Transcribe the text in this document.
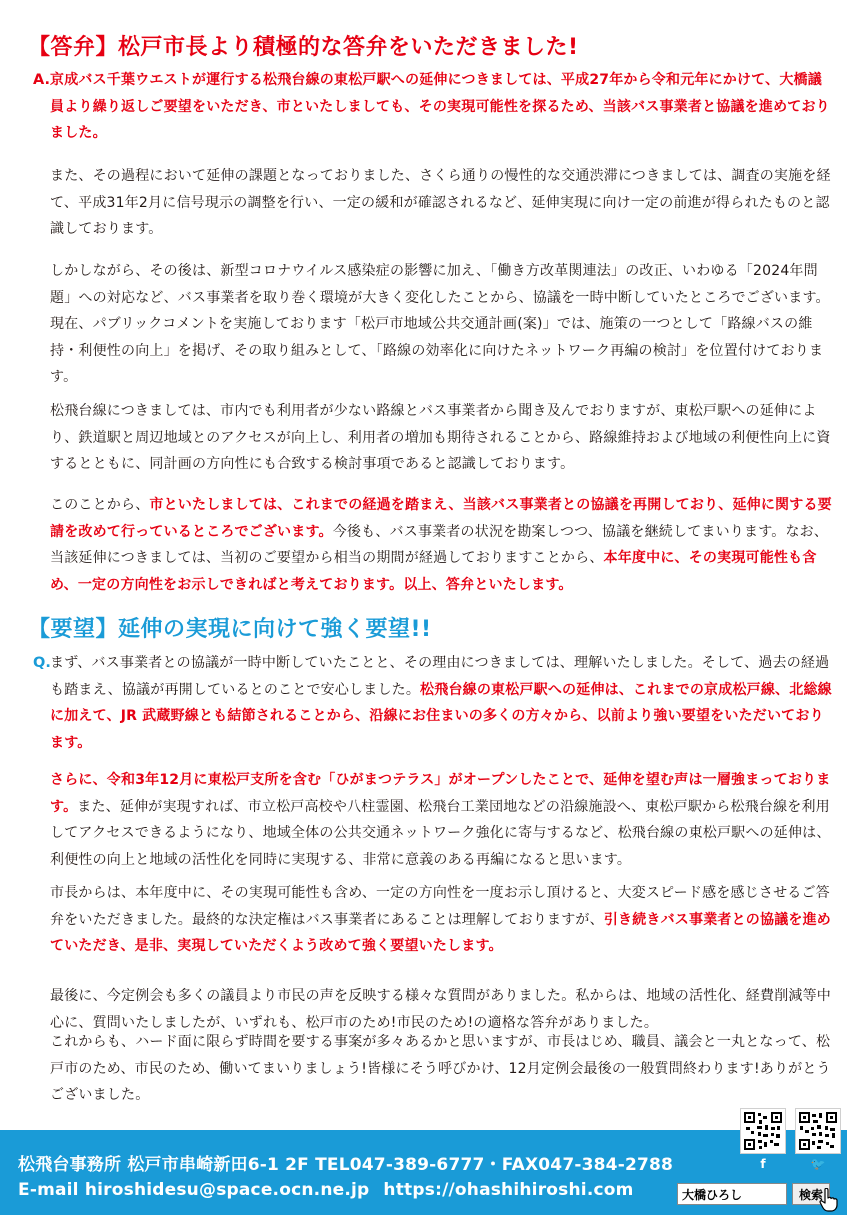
【答弁】松戸市長より積極的な答弁をいただきました!
A. 京成バス千葉ウエストが運行する松飛台線の東松戸駅への延伸につきましては、平成27年から令和元年にかけて、大橋議員より繰り返しご要望をいただき、市といたしましても、その実現可能性を探るため、当該バス事業者と協議を進めておりました。

また、その過程において延伸の課題となっておりました、さくら通りの慢性的な交通渋滞につきましては、調査の実施を経て、平成31年2月に信号現示の調整を行い、一定の緩和が確認されるなど、延伸実現に向け一定の前進が得られたものと認識しております。

しかしながら、その後は、新型コロナウイルス感染症の影響に加え、「働き方改革関連法」の改正、いわゆる「2024年問題」への対応など、バス事業者を取り巻く環境が大きく変化したことから、協議を一時中断していたところでございます。現在、パブリックコメントを実施しております「松戸市地域公共交通計画(案)」では、施策の一つとして「路線バスの維持・利便性の向上」を掲げ、その取り組みとして、「路線の効率化に向けたネットワーク再編の検討」を位置付けております。

松飛台線につきましては、市内でも利用者が少ない路線とバス事業者から聞き及んでおりますが、東松戸駅への延伸により、鉄道駅と周辺地域とのアクセスが向上し、利用者の増加も期待されることから、路線維持および地域の利便性向上に資するとともに、同計画の方向性にも合致する検討事項であると認識しております。

このことから、市といたしましては、これまでの経過を踏まえ、当該バス事業者との協議を再開しており、延伸に関する要請を改めて行っているところでございます。今後も、バス事業者の状況を勘案しつつ、協議を継続してまいります。なお、当該延伸につきましては、当初のご要望から相当の期間が経過しておりますことから、本年度中に、その実現可能性も含め、一定の方向性をお示しできればと考えております。以上、答弁といたします。

【要望】延伸の実現に向けて強く要望!!
Q. まず、バス事業者との協議が一時中断していたことと、その理由につきましては、理解いたしました。そして、過去の経過も踏まえ、協議が再開しているとのことで安心しました。松飛台線の東松戸駅への延伸は、これまでの京成松戸線、北総線に加えて、JR 武蔵野線とも結節されることから、沿線にお住まいの多くの方々から、以前より強い要望をいただいております。

さらに、令和3年12月に東松戸支所を含む「ひがまつテラス」がオープンしたことで、延伸を望む声は一層強まっております。また、延伸が実現すれば、市立松戸高校や八柱霊園、松飛台工業団地などの沿線施設へ、東松戸駅から松飛台線を利用してアクセスできるようになり、地域全体の公共交通ネットワーク強化に寄与するなど、松飛台線の東松戸駅への延伸は、利便性の向上と地域の活性化を同時に実現する、非常に意義のある再編になると思います。

市長からは、本年度中に、その実現可能性も含め、一定の方向性を一度お示し頂けると、大変スピード感を感じさせるご答弁をいただきました。最終的な決定権はバス事業者にあることは理解しておりますが、引き続きバス事業者との協議を進めていただき、是非、実現していただくよう改めて強く要望いたします。

最後に、今定例会も多くの議員より市民の声を反映する様々な質問がありました。私からは、地域の活性化、経費削減等中心に、質問いたしましたが、いずれも、松戸市のため!市民のため!の適格な答弁がありました。

これからも、ハード面に限らず時間を要する事案が多々あるかと思いますが、市長はじめ、職員、議会と一丸となって、松戸市のため、市民のため、働いてまいりましょう!皆様にそう呼びかけ、12月定例会最後の一般質問終わります!ありがとうございました。

松飛台事務所 松戸市串崎新田6-1 2F TEL047-389-6777・FAX047-384-2788
E-mail hiroshidesu@space.ocn.ne.jp https://ohashihiroshi.com
f	🐦
大橋ひろし
検索
